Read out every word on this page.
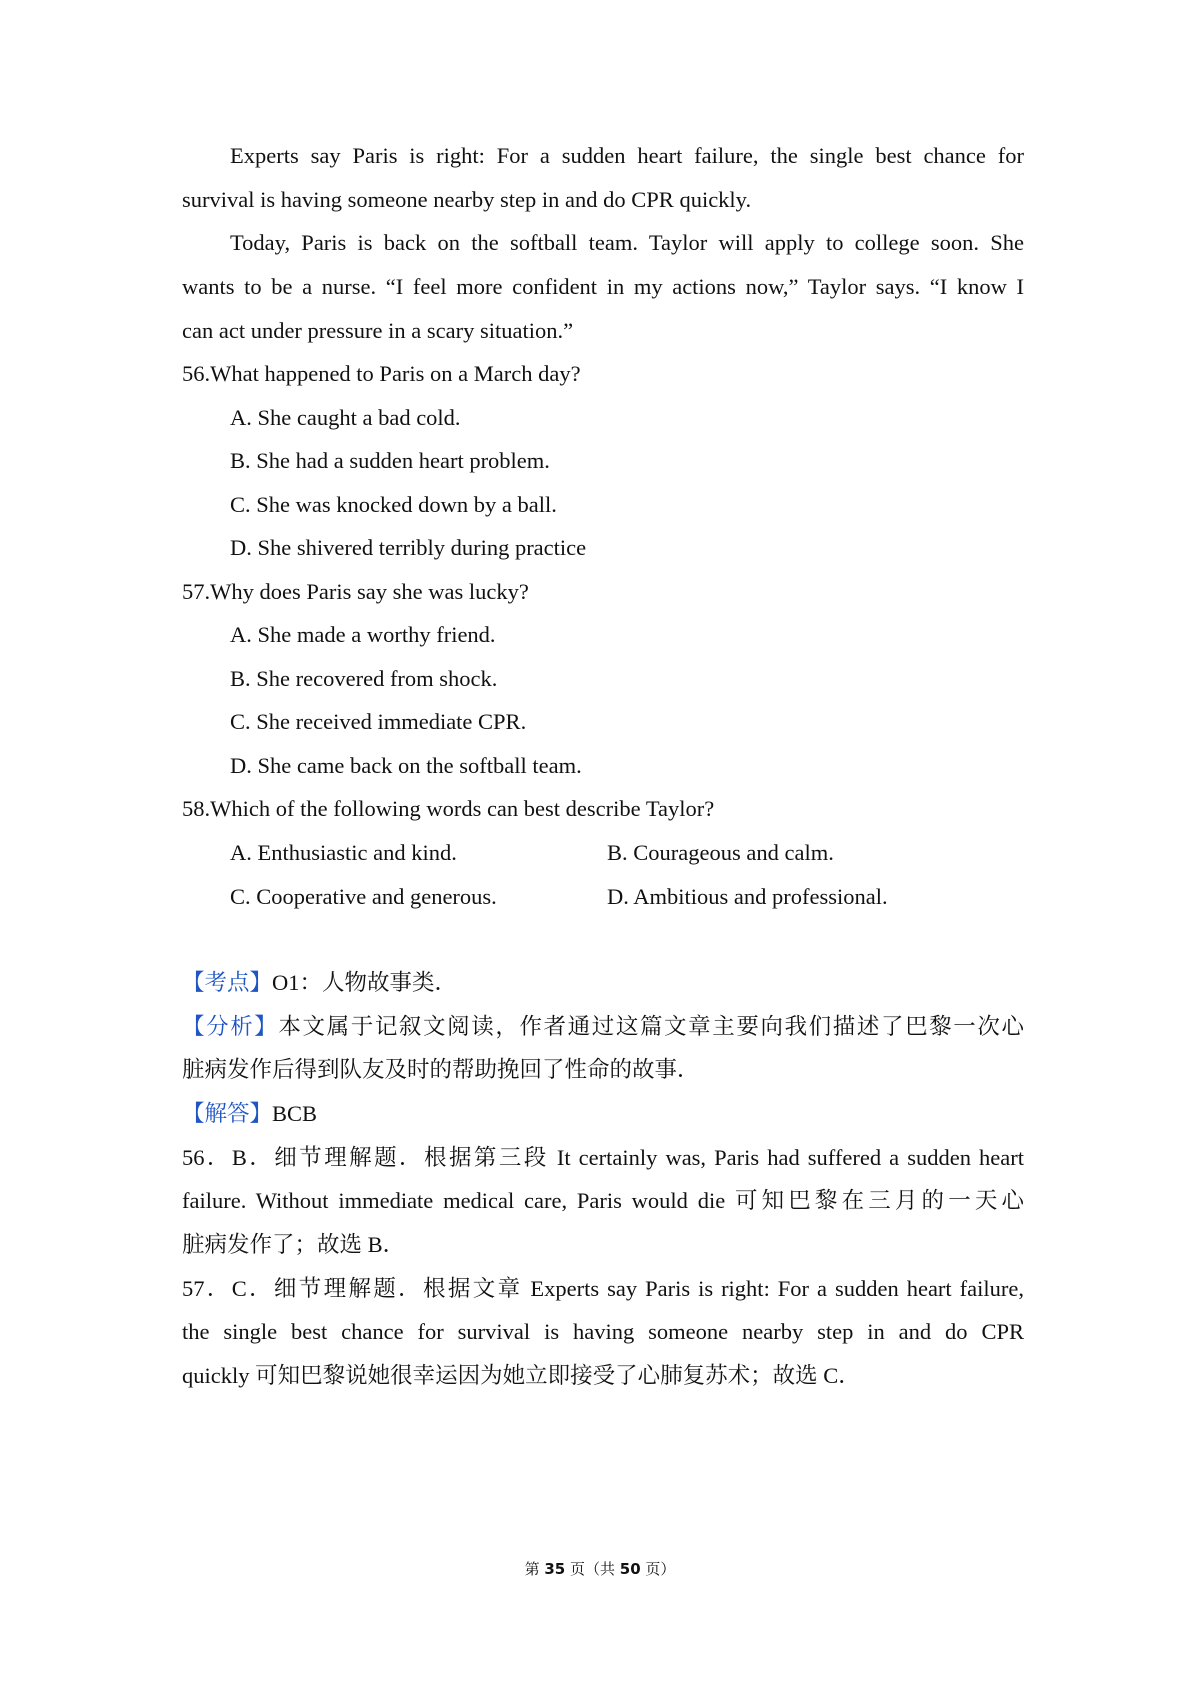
Experts say Paris is right: For a sudden heart failure, the single best chance for
survival is having someone nearby step in and do CPR quickly.
Today, Paris is back on the softball team. Taylor will apply to college soon. She
wants to be a nurse. “I feel more confident in my actions now,” Taylor says. “I know I
can act under pressure in a scary situation.”
56.What happened to Paris on a March day?
A. She caught a bad cold.
B. She had a sudden heart problem.
C. She was knocked down by a ball.
D. She shivered terribly during practice
57.Why does Paris say she was lucky?
A. She made a worthy friend.
B. She recovered from shock.
C. She received immediate CPR.
D. She came back on the softball team.
58.Which of the following words can best describe Taylor?
A. Enthusiastic and kind.	B. Courageous and calm.
C. Cooperative and generous.	D. Ambitious and professional.
【考点】O1：人物故事类．
【分析】本文属于记叙文阅读，作者通过这篇文章主要向我们描述了巴黎一次心
脏病发作后得到队友及时的帮助挽回了性命的故事．
【解答】BCB
56．B．细节理解题．根据第三段 It certainly was, Paris had suffered a sudden heart
failure. Without immediate medical care, Paris would die 可知巴黎在三月的一天心
脏病发作了；故选 B．
57．C．细节理解题．根据文章 Experts say Paris is right: For a sudden heart failure,
the single best chance for survival is having someone nearby step in and do CPR
quickly 可知巴黎说她很幸运因为她立即接受了心肺复苏术；故选 C．
第 35 页（共 50 页）
